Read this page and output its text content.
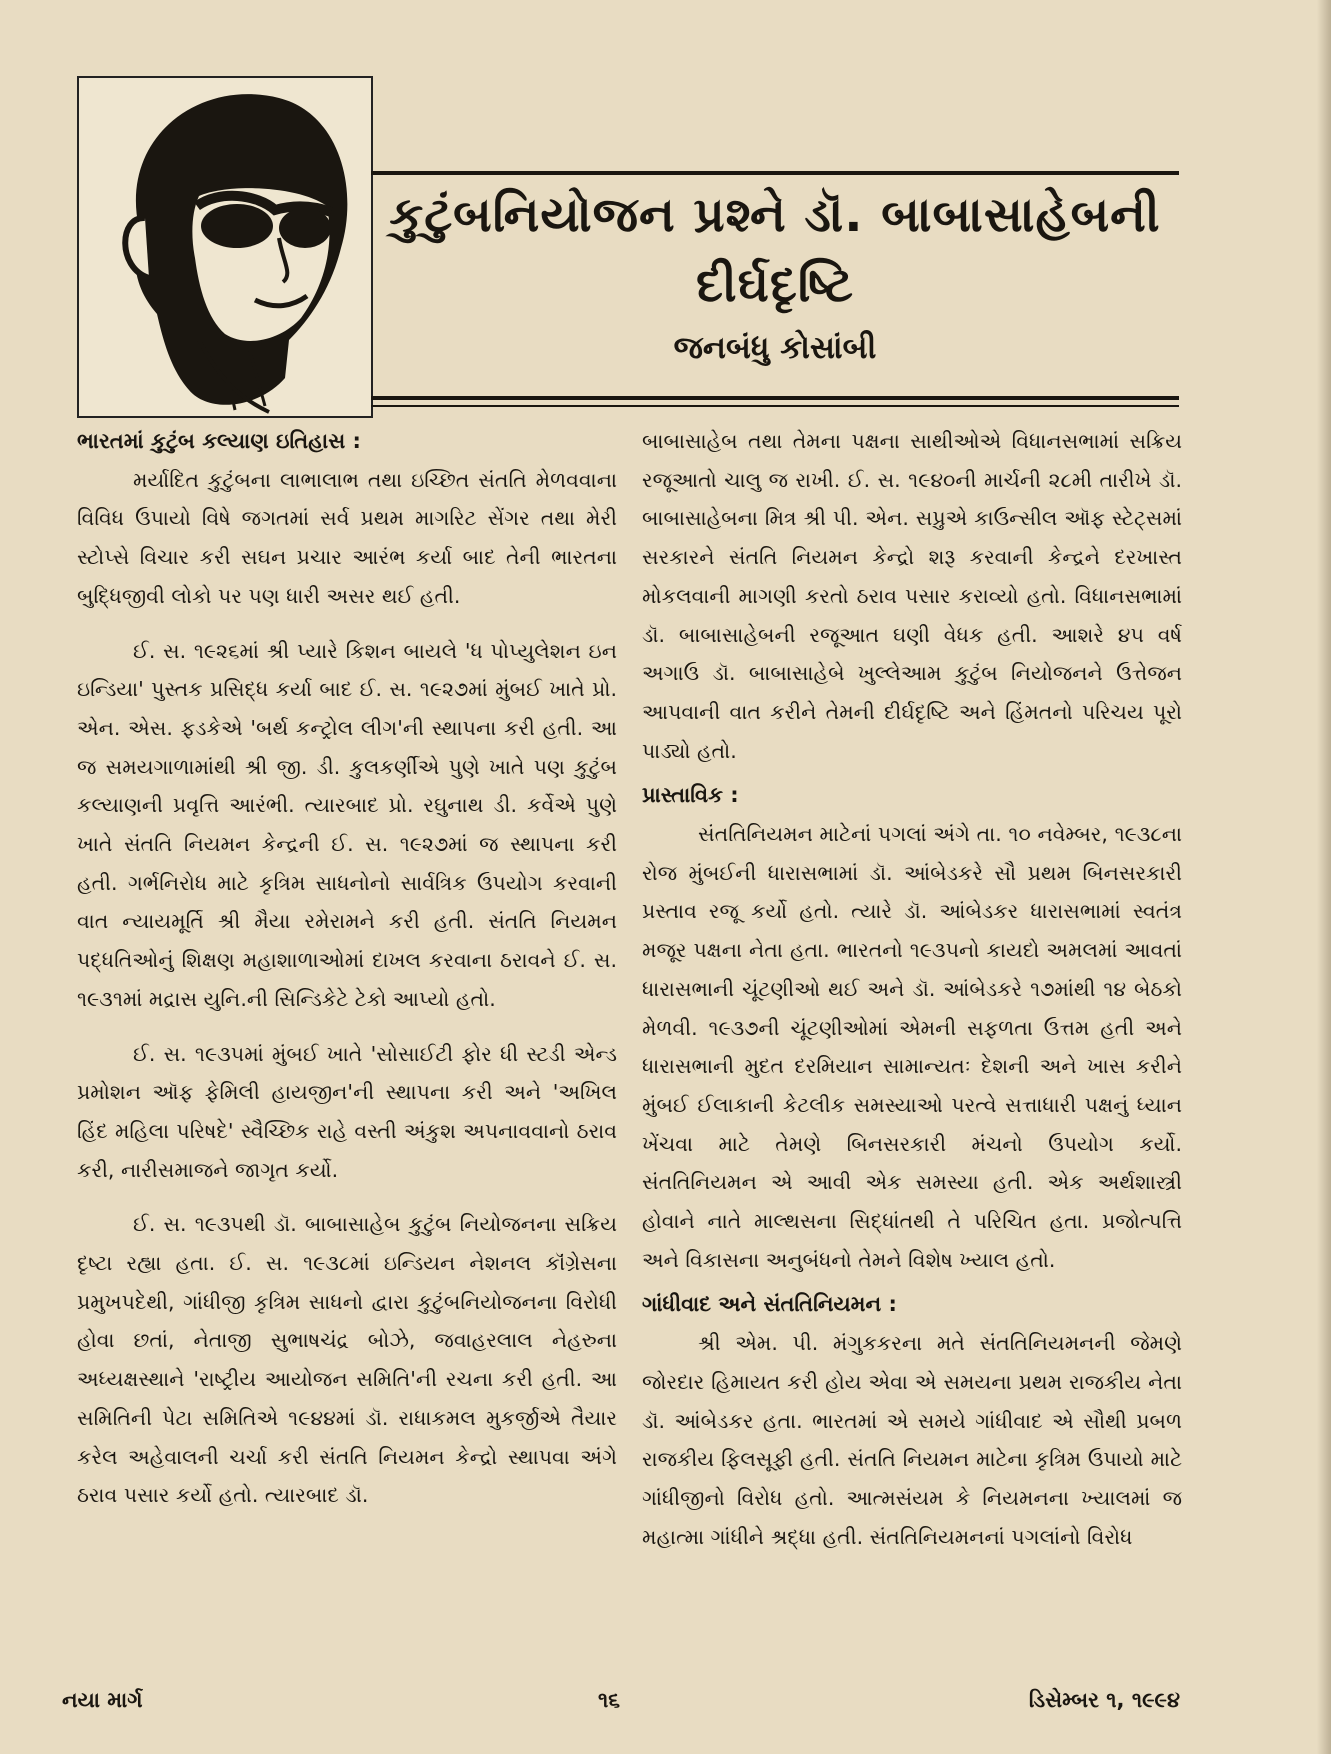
કુટુંબનિયોજન પ્રશ્ને ડૉ. બાબાસાહેબની દીર્ઘદૃષ્ટિ

જનબંધુ કોસાંબી

ભારતમાં કુટુંબ કલ્યાણ ઇતિહાસ :

મર્યાદિત કુટુંબના લાભાલાભ તથા ઇચ્છિત સંતતિ મેળવવાના વિવિધ ઉપાયો વિષે જગતમાં સર્વ પ્રથમ માગરિટ સેંગર તથા મેરી સ્ટોપ્સે વિચાર કરી સઘન પ્રચાર આરંભ કર્યા બાદ તેની ભારતના બુદ્ધિજીવી લોકો પર પણ ધારી અસર થઈ હતી.

ઈ. સ. ૧૯૨૬માં શ્રી પ્યારે કિશન બાયલે 'ધ પોપ્યુલેશન ઇન ઇન્ડિયા' પુસ્તક પ્રસિદ્ધ કર્યા બાદ ઈ. સ. ૧૯૨૭માં મુંબઈ ખાતે પ્રો. એન. એસ. ફડકેએ 'બર્થ કન્ટ્રોલ લીગ'ની સ્થાપના કરી હતી. આ જ સમયગાળામાંથી શ્રી જી. ડી. કુલકર્ણીએ પુણે ખાતે પણ કુટુંબ કલ્યાણની પ્રવૃત્તિ આરંભી. ત્યારબાદ પ્રો. રઘુનાથ ડી. કર્વેએ પુણે ખાતે સંતતિ નિયમન કેન્દ્રની ઈ. સ. ૧૯૨૭માં જ સ્થાપના કરી હતી. ગર્ભનિરોધ માટે કૃત્રિમ સાધનોનો સાર્વત્રિક ઉપયોગ કરવાની વાત ન્યાયમૂર્તિ શ્રી મૈયા રમેરામને કરી હતી. સંતતિ નિયમન પદ્ધતિઓનું શિક્ષણ મહાશાળાઓમાં દાખલ કરવાના ઠરાવને ઈ. સ. ૧૯૩૧માં મદ્રાસ યુનિ.ની સિન્ડિકેટે ટેકો આપ્યો હતો.

ઈ. સ. ૧૯૩૫માં મુંબઈ ખાતે 'સોસાઈટી ફોર ધી સ્ટડી એન્ડ પ્રમોશન ઑફ ફેમિલી હાયજીન'ની સ્થાપના કરી અને 'અખિલ હિંદ મહિલા પરિષદે' સ્વૈચ્છિક રાહે વસ્તી અંકુશ અપનાવવાનો ઠરાવ કરી, નારીસમાજને જાગૃત કર્યો.

ઈ. સ. ૧૯૩૫થી ડૉ. બાબાસાહેબ કુટુંબ નિયોજનના સક્રિય દૃષ્ટા રહ્યા હતા. ઈ. સ. ૧૯૩૮માં ઇન્ડિયન નેશનલ કૉંગ્રેસના પ્રમુખપદેથી, ગાંધીજી કૃત્રિમ સાધનો દ્વારા કુટુંબનિયોજનના વિરોધી હોવા છતાં, નેતાજી સુભાષચંદ્ર બોઝે, જવાહરલાલ નેહરુના અધ્યક્ષસ્થાને 'રાષ્ટ્રીય આયોજન સમિતિ'ની રચના કરી હતી. આ સમિતિની પેટા સમિતિએ ૧૯૪૪માં ડૉ. રાધાકમલ મુકર્જીએ તૈયાર કરેલ અહેવાલની ચર્ચા કરી સંતતિ નિયમન કેન્દ્રો સ્થાપવા અંગે ઠરાવ પસાર કર્યો હતો. ત્યારબાદ ડૉ.

બાબાસાહેબ તથા તેમના પક્ષના સાથીઓએ વિધાનસભામાં સક્રિય રજૂઆતો ચાલુ જ રાખી. ઈ. સ. ૧૯૪૦ની માર્ચની ૨૮મી તારીખે ડૉ. બાબાસાહેબના મિત્ર શ્રી પી. એન. સપ્રુએ કાઉન્સીલ ઑફ સ્ટેટ્સમાં સરકારને સંતતિ નિયમન કેન્દ્રો શરૂ કરવાની કેન્દ્રને દરખાસ્ત મોકલવાની માગણી કરતો ઠરાવ પસાર કરાવ્યો હતો. વિધાનસભામાં ડૉ. બાબાસાહેબની રજૂઆત ઘણી વેધક હતી. આશરે ૪૫ વર્ષ અગાઉ ડૉ. બાબાસાહેબે ખુલ્લેઆમ કુટુંબ નિયોજનને ઉત્તેજન આપવાની વાત કરીને તેમની દીર્ઘદૃષ્ટિ અને હિંમતનો પરિચય પૂરો પાડ્યો હતો.

પ્રાસ્તાવિક :

સંતતિનિયમન માટેનાં પગલાં અંગે તા. ૧૦ નવેમ્બર, ૧૯૩૮ના રોજ મુંબઈની ધારાસભામાં ડૉ. આંબેડકરે સૌ પ્રથમ બિનસરકારી પ્રસ્તાવ રજૂ કર્યો હતો. ત્યારે ડૉ. આંબેડકર ધારાસભામાં સ્વતંત્ર મજૂર પક્ષના નેતા હતા. ભારતનો ૧૯૩૫નો કાયદો અમલમાં આવતાં ધારાસભાની ચૂંટણીઓ થઈ અને ડૉ. આંબેડકરે ૧૭માંથી ૧૪ બેઠકો મેળવી. ૧૯૩૭ની ચૂંટણીઓમાં એમની સફળતા ઉત્તમ હતી અને ધારાસભાની મુદત દરમિયાન સામાન્યતઃ દેશની અને ખાસ કરીને મુંબઈ ઈલાકાની કેટલીક સમસ્યાઓ પરત્વે સત્તાધારી પક્ષનું ધ્યાન ખેંચવા માટે તેમણે બિનસરકારી મંચનો ઉપયોગ કર્યો. સંતતિનિયમન એ આવી એક સમસ્યા હતી. એક અર્થશાસ્ત્રી હોવાને નાતે માલ્થસના સિદ્ધાંતથી તે પરિચિત હતા. પ્રજોત્પત્તિ અને વિકાસના અનુબંધનો તેમને વિશેષ ખ્યાલ હતો.

ગાંધીવાદ અને સંતતિનિયમન :

શ્રી એમ. પી. મંગુકકરના મતે સંતતિનિયમનની જેમણે જોરદાર હિમાયત કરી હોય એવા એ સમયના પ્રથમ રાજકીય નેતા ડૉ. આંબેડકર હતા. ભારતમાં એ સમયે ગાંધીવાદ એ સૌથી પ્રબળ રાજકીય ફિલસૂફી હતી. સંતતિ નિયમન માટેના કૃત્રિમ ઉપાયો માટે ગાંધીજીનો વિરોધ હતો. આત્મસંયમ કે નિયમનના ખ્યાલમાં જ મહાત્મા ગાંધીને શ્રદ્ધા હતી. સંતતિનિયમનનાં પગલાંનો વિરોધ

નયા માર્ગ	૧૬	ડિસેમ્બર ૧, ૧૯૯૪
